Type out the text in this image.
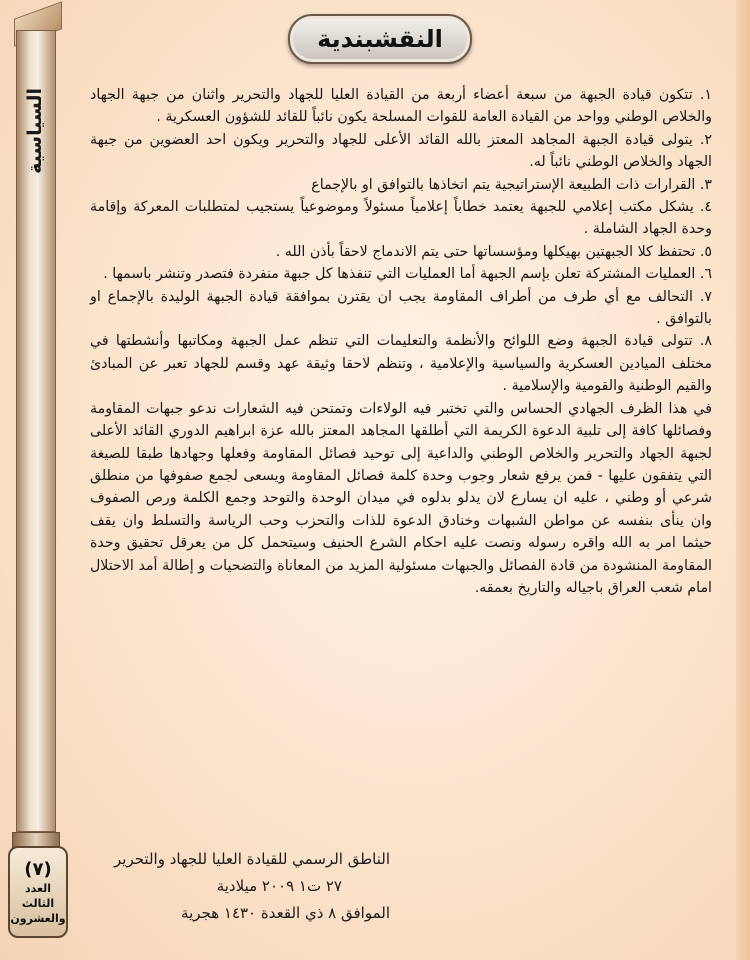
النقشبندية
السياسية
(٧)
العدد
الثالث
والعشرون

١. تتكون قيادة الجبهة من سبعة أعضاء أربعة من القيادة العليا للجهاد والتحرير واثنان من جبهة الجهاد والخلاص الوطني وواحد من القيادة العامة للقوات المسلحة يكون نائباً للقائد للشؤون العسكرية .

٢. يتولى قيادة الجبهة المجاهد المعتز بالله القائد الأعلى للجهاد والتحرير ويكون احد العضوين من جبهة الجهاد والخلاص الوطني نائباً له.

٣. القرارات ذات الطبيعة الإستراتيجية يتم اتخاذها بالتوافق او بالإجماع

٤. يشكل مكتب إعلامي للجبهة يعتمد خطاباً إعلامياً مسئولاً وموضوعياً يستجيب لمتطلبات المعركة وإقامة وحدة الجهاد الشاملة .

٥. تحتفظ كلا الجبهتين بهيكلها ومؤسساتها حتى يتم الاندماج لاحقاً بأذن الله .

٦. العمليات المشتركة تعلن بإسم الجبهة أما العمليات التي تنفذها كل جبهة منفردة فتصدر وتنشر باسمها .

٧. التحالف مع أي طرف من أطراف المقاومة يجب ان يقترن بموافقة قيادة الجبهة الوليدة بالإجماع او بالتوافق .

٨. تتولى قيادة الجبهة وضع اللوائح والأنظمة والتعليمات التي تنظم عمل الجبهة ومكاتبها وأنشطتها في مختلف الميادين العسكرية والسياسية والإعلامية ، وتنظم لاحقا وثيقة عهد وقسم للجهاد تعبر عن المبادئ والقيم الوطنية والقومية والإسلامية .

في هذا الظرف الجهادي الحساس والتي تختبر فيه الولاءات وتمتحن فيه الشعارات ندعو جبهات المقاومة وفصائلها كافة إلى تلبية الدعوة الكريمة التي أطلقها المجاهد المعتز بالله عزة ابراهيم الدوري القائد الأعلى لجبهة الجهاد والتحرير والخلاص الوطني والداعية إلى توحيد فصائل المقاومة وفعلها وجهادها طبقا للصيغة التي يتفقون عليها - فمن يرفع شعار وجوب وحدة كلمة فصائل المقاومة ويسعى لجمع صفوفها من منطلق شرعي أو وطني ، عليه ان يسارع لان يدلو بدلوه في ميدان الوحدة والتوحد وجمع الكلمة ورص الصفوف وان ينأى بنفسه عن مواطن الشبهات وخنادق الدعوة للذات والتحزب وحب الرياسة والتسلط وان يقف حيثما امر به الله واقره رسوله ونصت عليه احكام الشرع الحنيف وسيتحمل كل من يعرقل تحقيق وحدة المقاومة المنشودة من قادة الفصائل والجبهات مسئولية المزيد من المعاناة والتضحيات و إطالة أمد الاحتلال امام شعب العراق باجياله والتاريخ بعمقه.

الناطق الرسمي للقيادة العليا للجهاد والتحرير
٢٧ ت١ ٢٠٠٩ ميلادية
الموافق ٨ ذي القعدة ١٤٣٠ هجرية
